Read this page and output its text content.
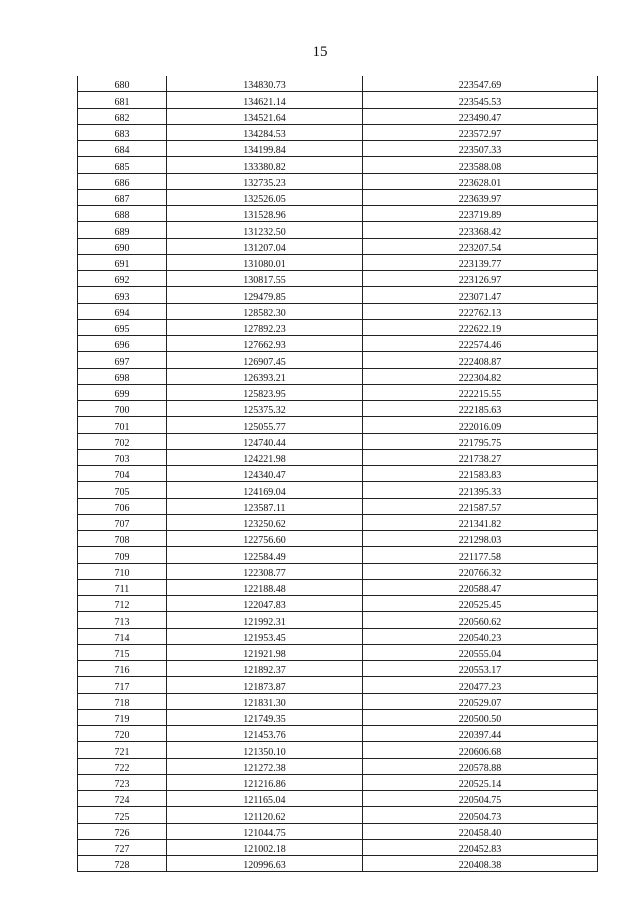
15
680	134830.73	223547.69
681	134621.14	223545.53
682	134521.64	223490.47
683	134284.53	223572.97
684	134199.84	223507.33
685	133380.82	223588.08
686	132735.23	223628.01
687	132526.05	223639.97
688	131528.96	223719.89
689	131232.50	223368.42
690	131207.04	223207.54
691	131080.01	223139.77
692	130817.55	223126.97
693	129479.85	223071.47
694	128582.30	222762.13
695	127892.23	222622.19
696	127662.93	222574.46
697	126907.45	222408.87
698	126393.21	222304.82
699	125823.95	222215.55
700	125375.32	222185.63
701	125055.77	222016.09
702	124740.44	221795.75
703	124221.98	221738.27
704	124340.47	221583.83
705	124169.04	221395.33
706	123587.11	221587.57
707	123250.62	221341.82
708	122756.60	221298.03
709	122584.49	221177.58
710	122308.77	220766.32
711	122188.48	220588.47
712	122047.83	220525.45
713	121992.31	220560.62
714	121953.45	220540.23
715	121921.98	220555.04
716	121892.37	220553.17
717	121873.87	220477.23
718	121831.30	220529.07
719	121749.35	220500.50
720	121453.76	220397.44
721	121350.10	220606.68
722	121272.38	220578.88
723	121216.86	220525.14
724	121165.04	220504.75
725	121120.62	220504.73
726	121044.75	220458.40
727	121002.18	220452.83
728	120996.63	220408.38
